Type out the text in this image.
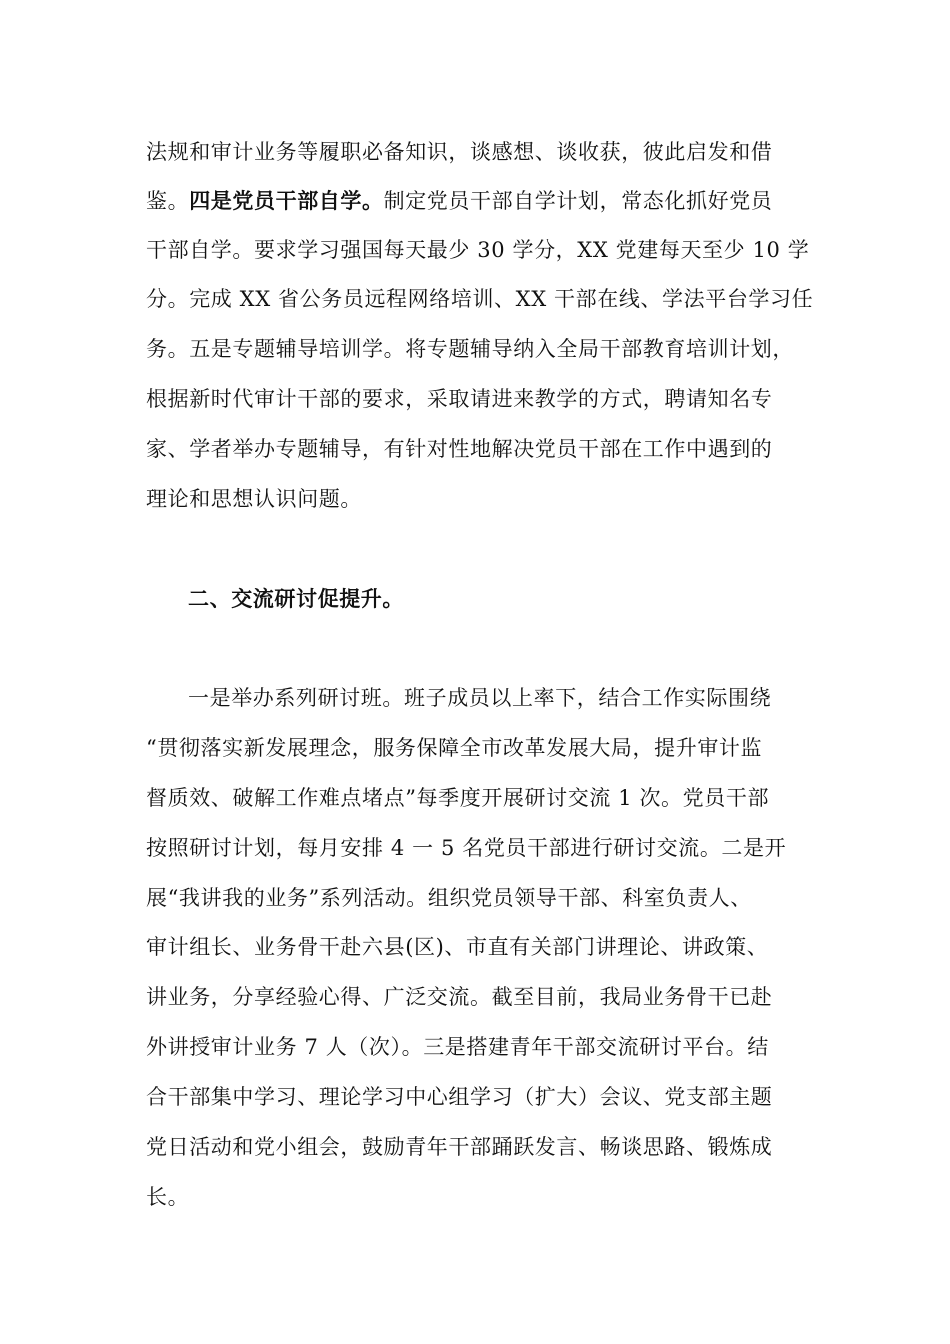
法规和审计业务等履职必备知识，谈感想、谈收获，彼此启发和借
鉴。四是党员干部自学。制定党员干部自学计划，常态化抓好党员
干部自学。要求学习强国每天最少 30 学分，XX 党建每天至少 10 学
分。完成 XX 省公务员远程网络培训、XX 干部在线、学法平台学习任
务。五是专题辅导培训学。将专题辅导纳入全局干部教育培训计划，
根据新时代审计干部的要求，采取请进来教学的方式，聘请知名专
家、学者举办专题辅导，有针对性地解决党员干部在工作中遇到的
理论和思想认识问题。
二、交流研讨促提升。
一是举办系列研讨班。班子成员以上率下，结合工作实际围绕
“贯彻落实新发展理念，服务保障全市改革发展大局，提升审计监
督质效、破解工作难点堵点”每季度开展研讨交流 1 次。党员干部
按照研讨计划，每月安排 4 一 5 名党员干部进行研讨交流。二是开
展“我讲我的业务”系列活动。组织党员领导干部、科室负责人、
审计组长、业务骨干赴六县(区)、市直有关部门讲理论、讲政策、
讲业务，分享经验心得、广泛交流。截至目前，我局业务骨干已赴
外讲授审计业务 7 人（次）。三是搭建青年干部交流研讨平台。结
合干部集中学习、理论学习中心组学习（扩大）会议、党支部主题
党日活动和党小组会，鼓励青年干部踊跃发言、畅谈思路、锻炼成
长。
